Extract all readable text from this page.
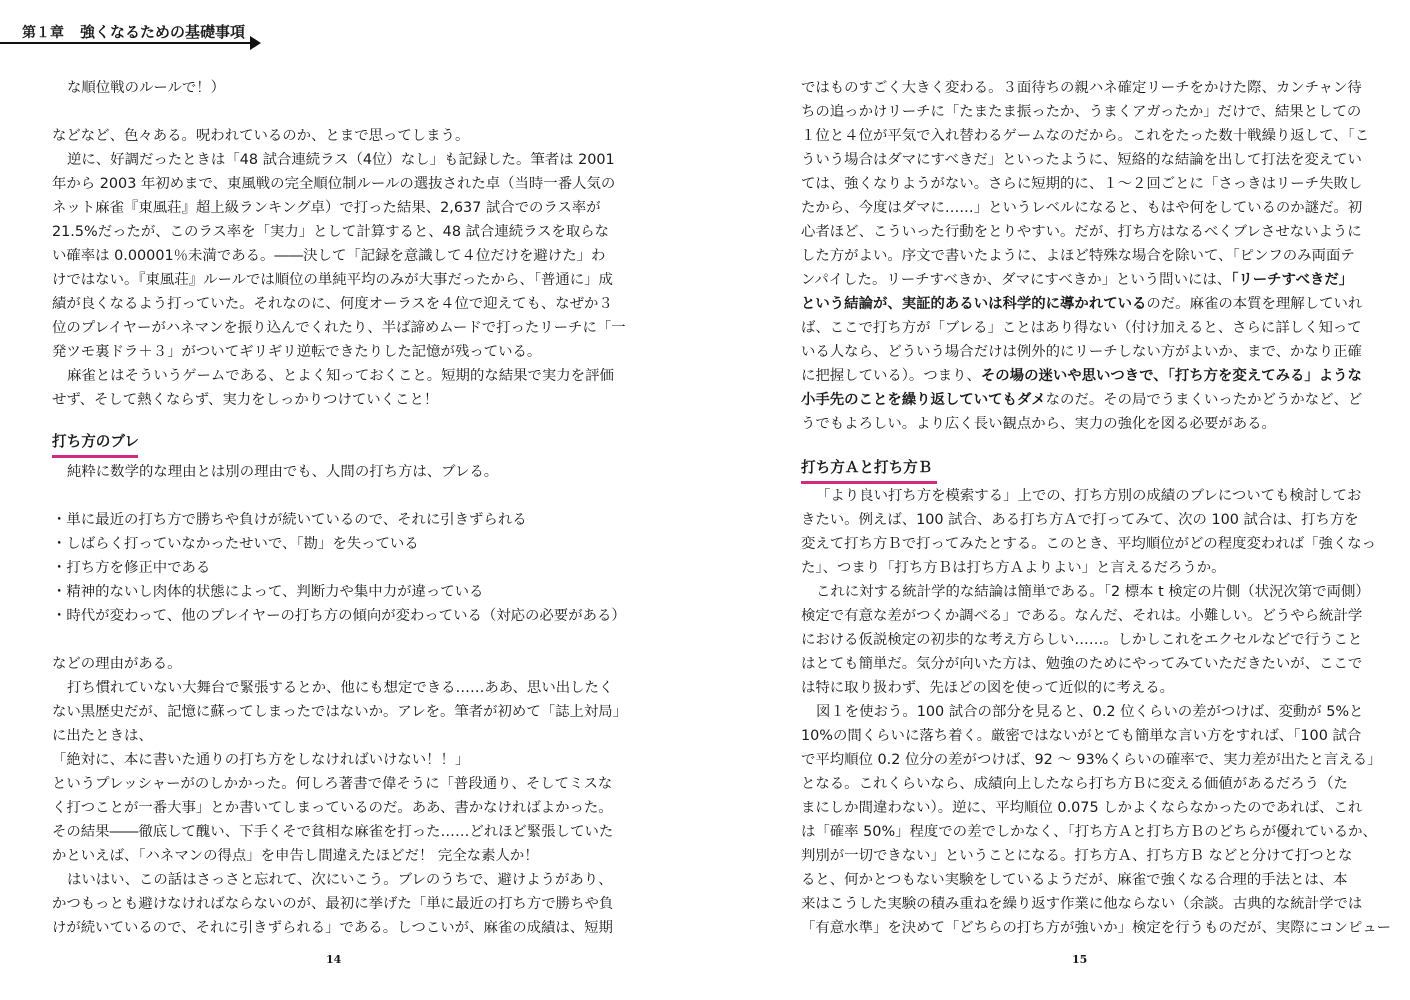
第１章 強くなるための基礎事項
な順位戦のルールで！）
などなど、色々ある。呪われているのか、とまで思ってしまう。
逆に、好調だったときは「48 試合連続ラス（4位）なし」も記録した。筆者は 2001
年から 2003 年初めまで、東風戦の完全順位制ルールの選抜された卓（当時一番人気の
ネット麻雀『東風荘』超上級ランキング卓）で打った結果、2,637 試合でのラス率が
21.5%だったが、このラス率を「実力」として計算すると、48 試合連続ラスを取らな
い確率は 0.00001％未満である。――決して「記録を意識して４位だけを避けた」わ
けではない。『東風荘』ルールでは順位の単純平均のみが大事だったから、「普通に」成
績が良くなるよう打っていた。それなのに、何度オーラスを４位で迎えても、なぜか３
位のプレイヤーがハネマンを振り込んでくれたり、半ば諦めムードで打ったリーチに「一
発ツモ裏ドラ＋３」がついてギリギリ逆転できたりした記憶が残っている。
麻雀とはそういうゲームである、とよく知っておくこと。短期的な結果で実力を評価
せず、そして熱くならず、実力をしっかりつけていくこと！
打ち方のブレ
純粋に数学的な理由とは別の理由でも、人間の打ち方は、ブレる。
・単に最近の打ち方で勝ちや負けが続いているので、それに引きずられる
・しばらく打っていなかったせいで、「勘」を失っている
・打ち方を修正中である
・精神的ないし肉体的状態によって、判断力や集中力が違っている
・時代が変わって、他のプレイヤーの打ち方の傾向が変わっている（対応の必要がある）
などの理由がある。
打ち慣れていない大舞台で緊張するとか、他にも想定できる……ああ、思い出したく
ない黒歴史だが、記憶に蘇ってしまったではないか。アレを。筆者が初めて「誌上対局」
に出たときは、
「絶対に、本に書いた通りの打ち方をしなければいけない！！」
というプレッシャーがのしかかった。何しろ著書で偉そうに「普段通り、そしてミスな
く打つことが一番大事」とか書いてしまっているのだ。ああ、書かなければよかった。
その結果――徹底して醜い、下手くそで貧相な麻雀を打った……どれほど緊張していた
かといえば、「ハネマンの得点」を申告し間違えたほどだ！ 完全な素人か！
はいはい、この話はさっさと忘れて、次にいこう。ブレのうちで、避けようがあり、
かつもっとも避けなければならないのが、最初に挙げた「単に最近の打ち方で勝ちや負
けが続いているので、それに引きずられる」である。しつこいが、麻雀の成績は、短期
14
ではものすごく大きく変わる。３面待ちの親ハネ確定リーチをかけた際、カンチャン待
ちの追っかけリーチに「たまたま振ったか、うまくアガったか」だけで、結果としての
１位と４位が平気で入れ替わるゲームなのだから。これをたった数十戦繰り返して、「こ
ういう場合はダマにすべきだ」といったように、短絡的な結論を出して打法を変えてい
ては、強くなりようがない。さらに短期的に、１～２回ごとに「さっきはリーチ失敗し
たから、今度はダマに……」というレベルになると、もはや何をしているのか謎だ。初
心者ほど、こういった行動をとりやすい。だが、打ち方はなるべくブレさせないように
した方がよい。序文で書いたように、よほど特殊な場合を除いて、「ピンフのみ両面テ
ンパイした。リーチすべきか、ダマにすべきか」という問いには、「リーチすべきだ」
という結論が、実証的あるいは科学的に導かれているのだ。麻雀の本質を理解していれ
ば、ここで打ち方が「ブレる」ことはあり得ない（付け加えると、さらに詳しく知って
いる人なら、どういう場合だけは例外的にリーチしない方がよいか、まで、かなり正確
に把握している）。つまり、その場の迷いや思いつきで、「打ち方を変えてみる」ような
小手先のことを繰り返していてもダメなのだ。その局でうまくいったかどうかなど、ど
うでもよろしい。より広く長い観点から、実力の強化を図る必要がある。
打ち方Ａと打ち方Ｂ
「より良い打ち方を模索する」上での、打ち方別の成績のブレについても検討してお
きたい。例えば、100 試合、ある打ち方Ａで打ってみて、次の 100 試合は、打ち方を
変えて打ち方Ｂで打ってみたとする。このとき、平均順位がどの程度変われば「強くなっ
た」、つまり「打ち方Ｂは打ち方Ａよりよい」と言えるだろうか。
これに対する統計学的な結論は簡単である。「2 標本 t 検定の片側（状況次第で両側）
検定で有意な差がつくか調べる」である。なんだ、それは。小難しい。どうやら統計学
における仮説検定の初歩的な考え方らしい……。しかしこれをエクセルなどで行うこと
はとても簡単だ。気分が向いた方は、勉強のためにやってみていただきたいが、ここで
は特に取り扱わず、先ほどの図を使って近似的に考える。
図１を使おう。100 試合の部分を見ると、0.2 位くらいの差がつけば、変動が 5%と
10%の間くらいに落ち着く。厳密ではないがとても簡単な言い方をすれば、「100 試合
で平均順位 0.2 位分の差がつけば、92 ～ 93%くらいの確率で、実力差が出たと言える」
となる。これくらいなら、成績向上したなら打ち方Ｂに変える価値があるだろう（た
まにしか間違わない）。逆に、平均順位 0.075 しかよくならなかったのであれば、これ
は「確率 50%」程度での差でしかなく、「打ち方Ａと打ち方Ｂのどちらが優れているか、
判別が一切できない」ということになる。打ち方Ａ、打ち方Ｂ などと分けて打つとな
ると、何かとつもない実験をしているようだが、麻雀で強くなる合理的手法とは、本
来はこうした実験の積み重ねを繰り返す作業に他ならない（余談。古典的な統計学では
「有意水準」を決めて「どちらの打ち方が強いか」検定を行うものだが、実際にコンピュー
15
